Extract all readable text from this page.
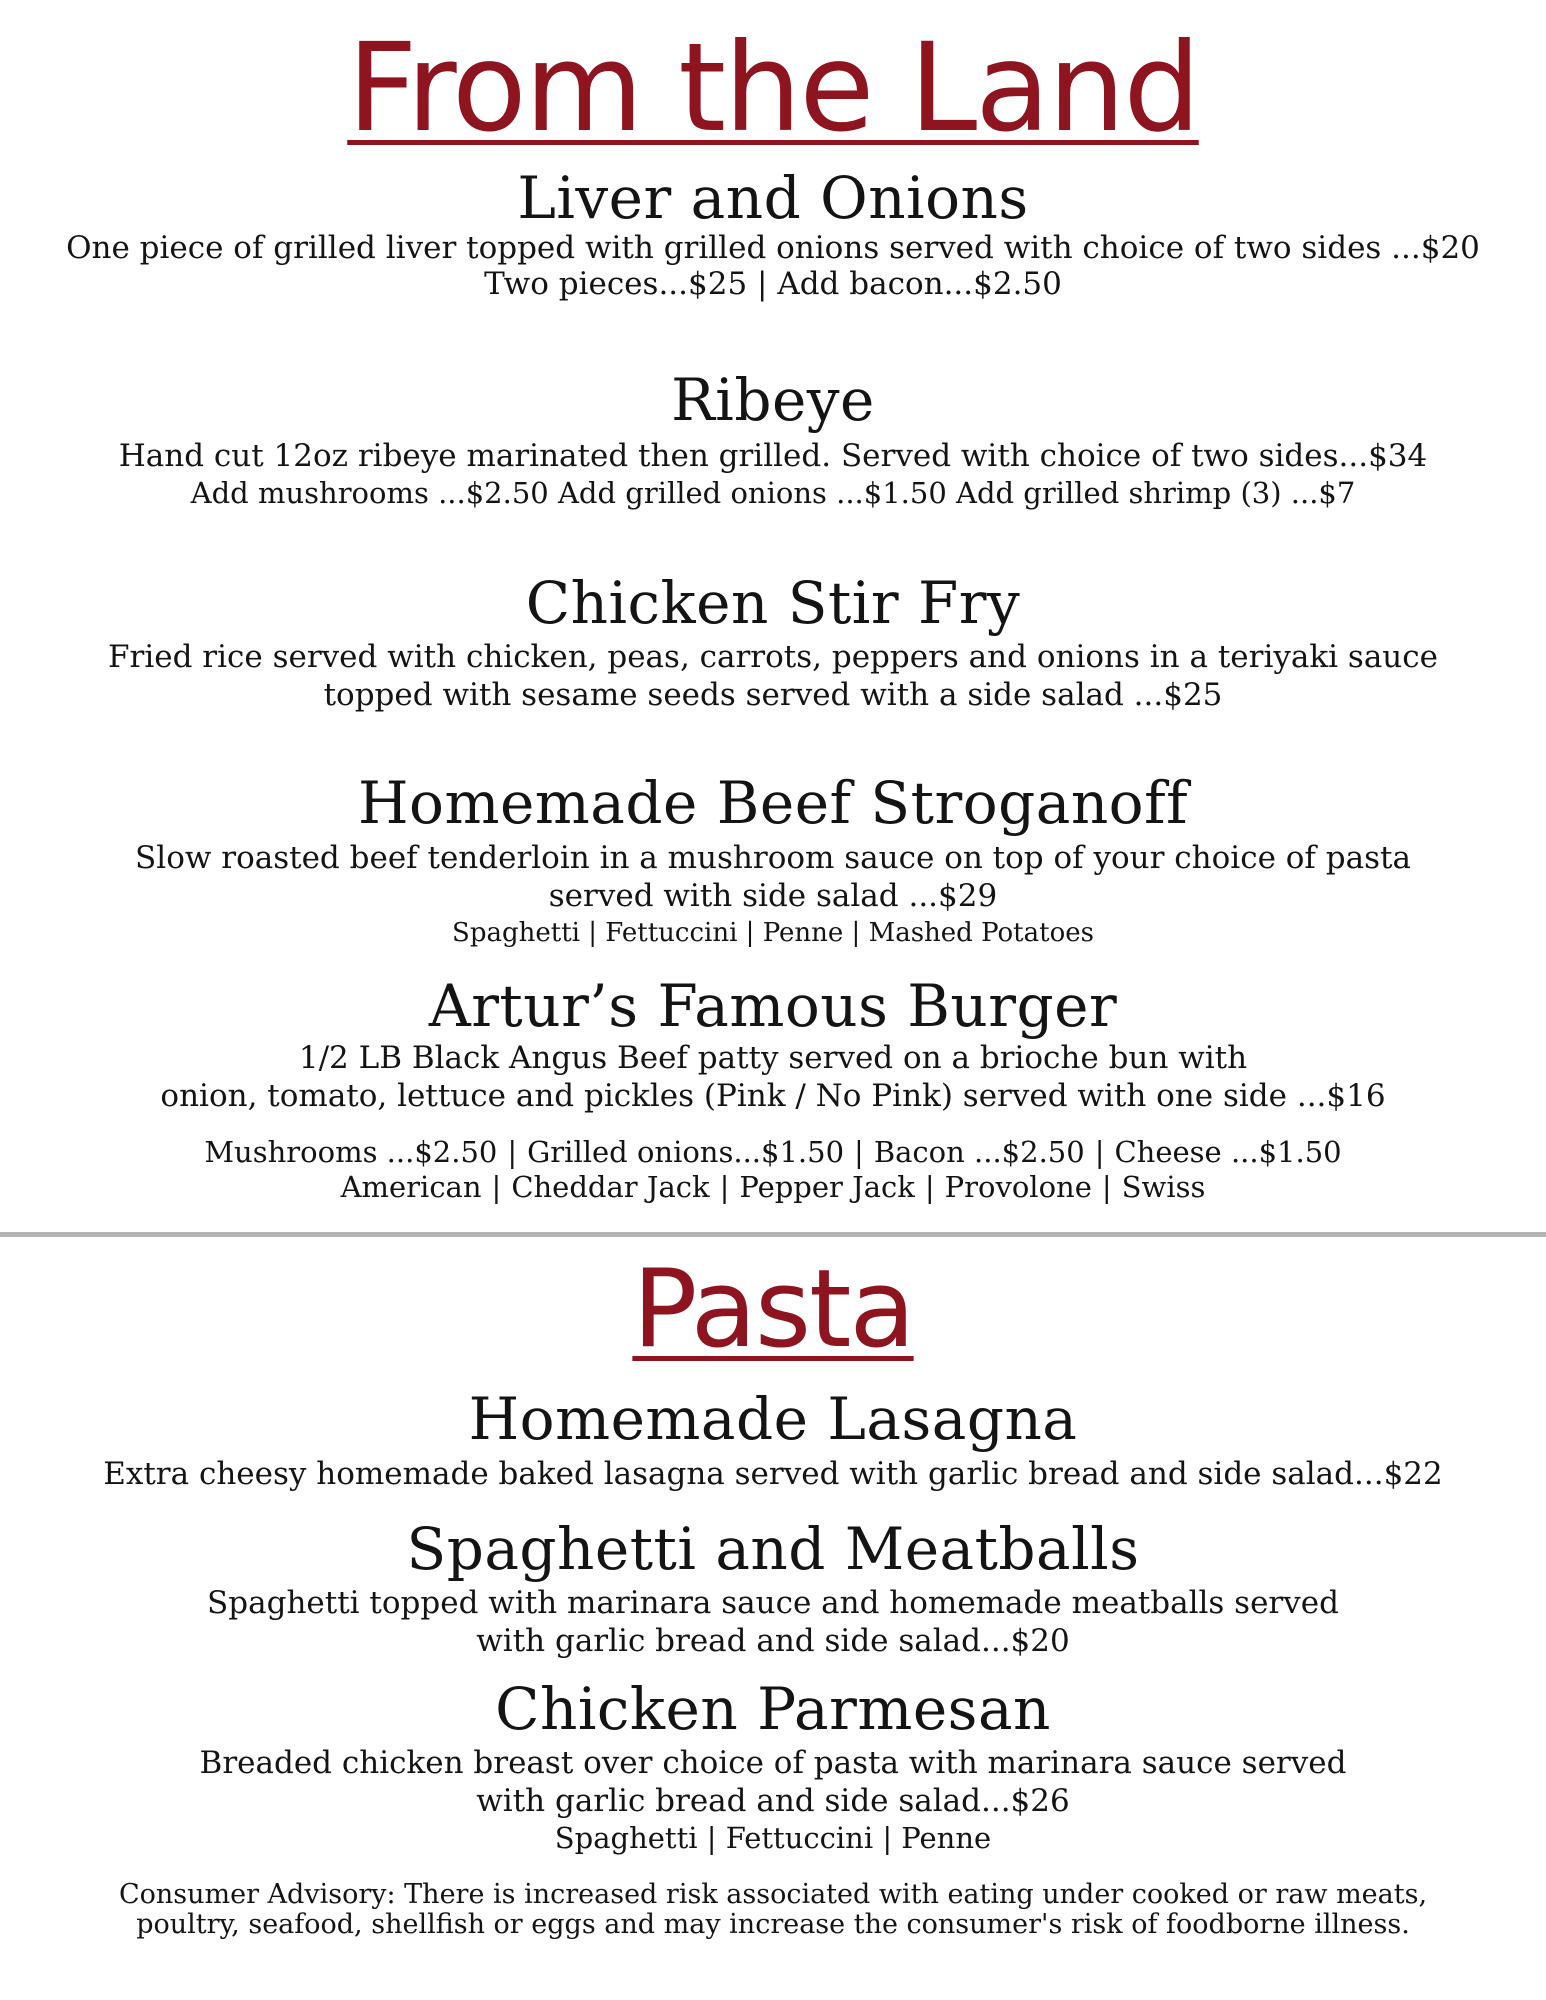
From the Land
Liver and Onions
One piece of grilled liver topped with grilled onions served with choice of two sides ...$20
Two pieces...$25 | Add bacon...$2.50
Ribeye
Hand cut 12oz ribeye marinated then grilled. Served with choice of two sides...$34
Add mushrooms ...$2.50 Add grilled onions ...$1.50 Add grilled shrimp (3) ...$7
Chicken Stir Fry
Fried rice served with chicken, peas, carrots, peppers and onions in a teriyaki sauce
topped with sesame seeds served with a side salad ...$25
Homemade Beef Stroganoff
Slow roasted beef tenderloin in a mushroom sauce on top of your choice of pasta
served with side salad ...$29
Spaghetti | Fettuccini | Penne | Mashed Potatoes
Artur’s Famous Burger
1/2 LB Black Angus Beef patty served on a brioche bun with
onion, tomato, lettuce and pickles (Pink / No Pink) served with one side ...$16
Mushrooms ...$2.50 | Grilled onions...$1.50 | Bacon ...$2.50 | Cheese ...$1.50
American | Cheddar Jack | Pepper Jack | Provolone | Swiss
Pasta
Homemade Lasagna
Extra cheesy homemade baked lasagna served with garlic bread and side salad...$22
Spaghetti and Meatballs
Spaghetti topped with marinara sauce and homemade meatballs served
with garlic bread and side salad...$20
Chicken Parmesan
Breaded chicken breast over choice of pasta with marinara sauce served
with garlic bread and side salad...$26
Spaghetti | Fettuccini | Penne
Consumer Advisory: There is increased risk associated with eating under cooked or raw meats,
poultry, seafood, shellfish or eggs and may increase the consumer's risk of foodborne illness.
